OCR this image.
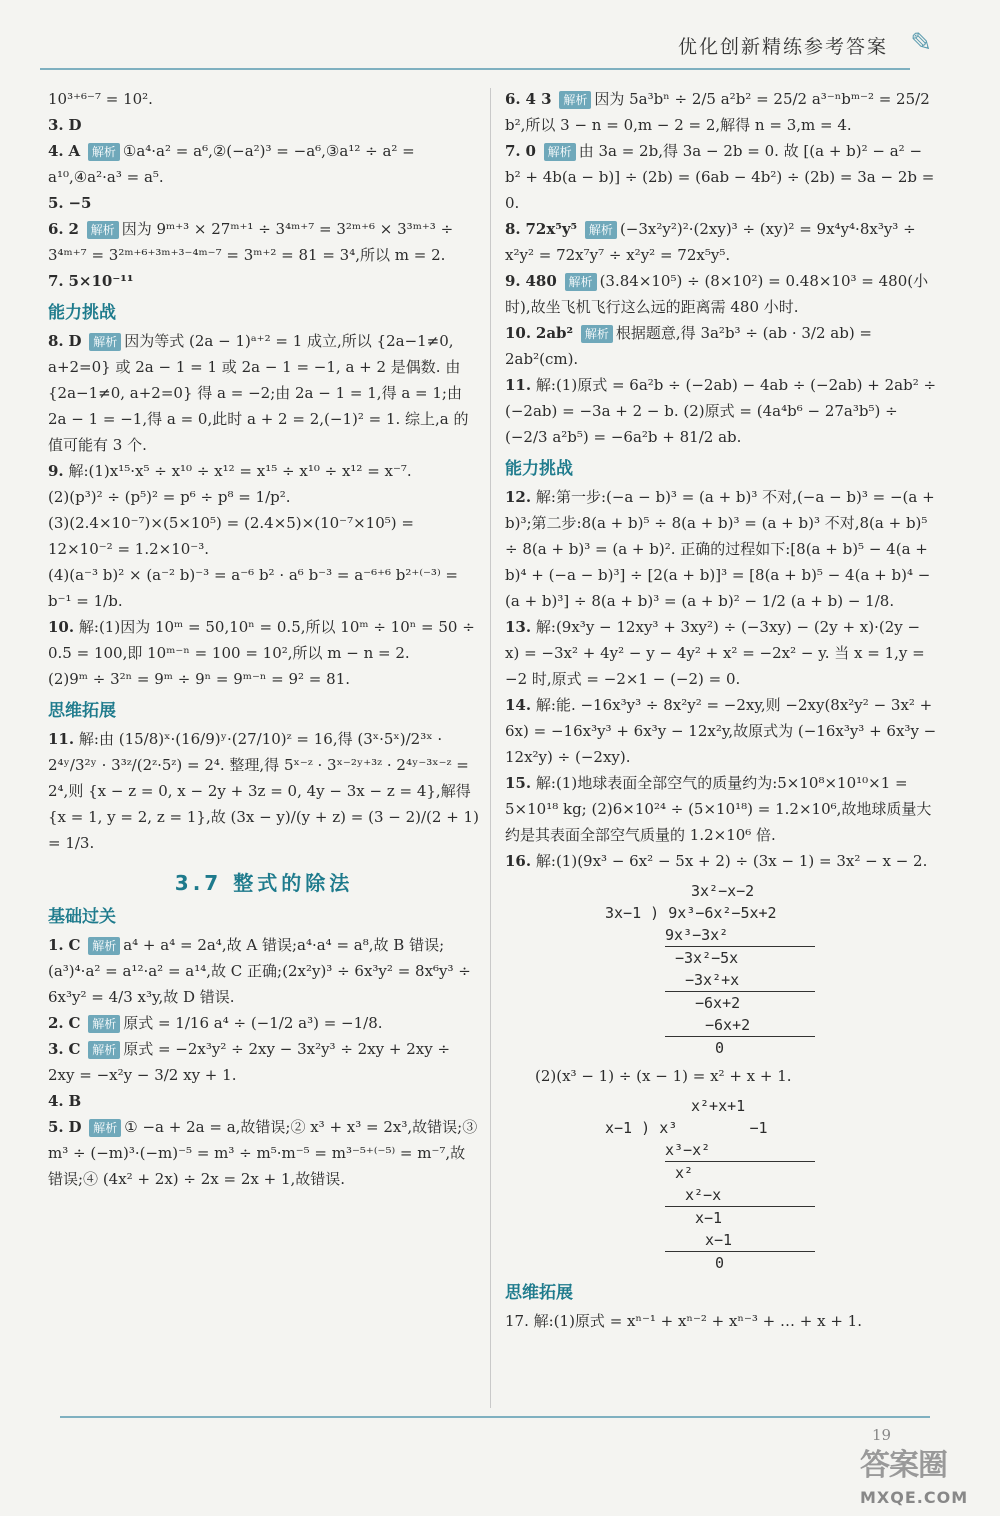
优化创新精练参考答案 ✎

10³⁺⁶⁻⁷ = 10².

3. D

4. A 解析 ①a⁴·a² = a⁶,②(−a²)³ = −a⁶,③a¹² ÷ a² = a¹⁰,④a²·a³ = a⁵.

5. −5

6. 2 解析 因为 9ᵐ⁺³ × 27ᵐ⁺¹ ÷ 3⁴ᵐ⁺⁷ = 3²ᵐ⁺⁶ × 3³ᵐ⁺³ ÷ 3⁴ᵐ⁺⁷ = 3²ᵐ⁺⁶⁺³ᵐ⁺³⁻⁴ᵐ⁻⁷ = 3ᵐ⁺² = 81 = 3⁴,所以 m = 2.

7. 5×10⁻¹¹

能力挑战

8. D 解析 因为等式 (2a − 1)ᵃ⁺² = 1 成立,所以 {2a−1≠0, a+2=0} 或 2a − 1 = 1 或 2a − 1 = −1, a + 2 是偶数. 由 {2a−1≠0, a+2=0} 得 a = −2;由 2a − 1 = 1,得 a = 1;由 2a − 1 = −1,得 a = 0,此时 a + 2 = 2,(−1)² = 1. 综上,a 的值可能有 3 个.

9. 解:(1)x¹⁵·x⁵ ÷ x¹⁰ ÷ x¹² = x¹⁵ ÷ x¹⁰ ÷ x¹² = x⁻⁷.

(2)(p³)² ÷ (p⁵)² = p⁶ ÷ p⁸ = 1/p².

(3)(2.4×10⁻⁷)×(5×10⁵) = (2.4×5)×(10⁻⁷×10⁵) = 12×10⁻² = 1.2×10⁻³.

(4)(a⁻³ b)² × (a⁻² b)⁻³ = a⁻⁶ b² · a⁶ b⁻³ = a⁻⁶⁺⁶ b²⁺⁽⁻³⁾ = b⁻¹ = 1/b.

10. 解:(1)因为 10ᵐ = 50,10ⁿ = 0.5,所以 10ᵐ ÷ 10ⁿ = 50 ÷ 0.5 = 100,即 10ᵐ⁻ⁿ = 100 = 10²,所以 m − n = 2.

(2)9ᵐ ÷ 3²ⁿ = 9ᵐ ÷ 9ⁿ = 9ᵐ⁻ⁿ = 9² = 81.

思维拓展

11. 解:由 (15/8)ˣ·(16/9)ʸ·(27/10)ᶻ = 16,得 (3ˣ·5ˣ)/2³ˣ · 2⁴ʸ/3²ʸ · 3³ᶻ/(2ᶻ·5ᶻ) = 2⁴. 整理,得 5ˣ⁻ᶻ · 3ˣ⁻²ʸ⁺³ᶻ · 2⁴ʸ⁻³ˣ⁻ᶻ = 2⁴,则 {x − z = 0, x − 2y + 3z = 0, 4y − 3x − z = 4},解得 {x = 1, y = 2, z = 1},故 (3x − y)/(y + z) = (3 − 2)/(2 + 1) = 1/3.

3.7 整式的除法
基础过关

1. C 解析 a⁴ + a⁴ = 2a⁴,故 A 错误;a⁴·a⁴ = a⁸,故 B 错误;(a³)⁴·a² = a¹²·a² = a¹⁴,故 C 正确;(2x²y)³ ÷ 6x³y² = 8x⁶y³ ÷ 6x³y² = 4/3 x³y,故 D 错误.

2. C 解析 原式 = 1/16 a⁴ ÷ (−1/2 a³) = −1/8.

3. C 解析 原式 = −2x³y² ÷ 2xy − 3x²y³ ÷ 2xy + 2xy ÷ 2xy = −x²y − 3/2 xy + 1.

4. B

5. D 解析 ① −a + 2a = a,故错误;② x³ + x³ = 2x³,故错误;③ m³ ÷ (−m)³·(−m)⁻⁵ = m³ ÷ m⁵·m⁻⁵ = m³⁻⁵⁺⁽⁻⁵⁾ = m⁻⁷,故错误;④ (4x² + 2x) ÷ 2x = 2x + 1,故错误.

6. 4 3 解析 因为 5a³bⁿ ÷ 2/5 a²b² = 25/2 a³⁻ⁿbᵐ⁻² = 25/2 b²,所以 3 − n = 0,m − 2 = 2,解得 n = 3,m = 4.

7. 0 解析 由 3a = 2b,得 3a − 2b = 0. 故 [(a + b)² − a² − b² + 4b(a − b)] ÷ (2b) = (6ab − 4b²) ÷ (2b) = 3a − 2b = 0.

8. 72x⁵y⁵ 解析 (−3x²y²)²·(2xy)³ ÷ (xy)² = 9x⁴y⁴·8x³y³ ÷ x²y² = 72x⁷y⁷ ÷ x²y² = 72x⁵y⁵.

9. 480 解析 (3.84×10⁵) ÷ (8×10²) = 0.48×10³ = 480(小时),故坐飞机飞行这么远的距离需 480 小时.

10. 2ab² 解析 根据题意,得 3a²b³ ÷ (ab · 3/2 ab) = 2ab²(cm).

11. 解:(1)原式 = 6a²b ÷ (−2ab) − 4ab ÷ (−2ab) + 2ab² ÷ (−2ab) = −3a + 2 − b. (2)原式 = (4a⁴b⁶ − 27a³b⁵) ÷ (−2/3 a²b⁵) = −6a²b + 81/2 ab.

能力挑战

12. 解:第一步:(−a − b)³ = (a + b)³ 不对,(−a − b)³ = −(a + b)³;第二步:8(a + b)⁵ ÷ 8(a + b)³ = (a + b)³ 不对,8(a + b)⁵ ÷ 8(a + b)³ = (a + b)². 正确的过程如下:[8(a + b)⁵ − 4(a + b)⁴ + (−a − b)³] ÷ [2(a + b)]³ = [8(a + b)⁵ − 4(a + b)⁴ − (a + b)³] ÷ 8(a + b)³ = (a + b)² − 1/2 (a + b) − 1/8.

13. 解:(9x³y − 12xy³ + 3xy²) ÷ (−3xy) − (2y + x)·(2y − x) = −3x² + 4y² − y − 4y² + x² = −2x² − y. 当 x = 1,y = −2 时,原式 = −2×1 − (−2) = 0.

14. 解:能. −16x³y³ ÷ 8x²y² = −2xy,则 −2xy(8x²y² − 3x² + 6x) = −16x³y³ + 6x³y − 12x²y,故原式为 (−16x³y³ + 6x³y − 12x²y) ÷ (−2xy).

15. 解:(1)地球表面全部空气的质量约为:5×10⁸×10¹⁰×1 = 5×10¹⁸ kg; (2)6×10²⁴ ÷ (5×10¹⁸) = 1.2×10⁶,故地球质量大约是其表面全部空气质量的 1.2×10⁶ 倍.

16. 解:(1)(9x³ − 6x² − 5x + 2) ÷ (3x − 1) = 3x² − x − 2.

3x²−x−2
3x−1 ) 9x³−6x²−5x+2
9x³−3x²
−3x²−5x
−3x²+x
−6x+2
−6x+2
0
(2)(x³ − 1) ÷ (x − 1) = x² + x + 1.
x²+x+1
x−1 ) x³        −1
x³−x²
x²
x²−x
x−1
x−1
0
思维拓展
17. 解:(1)原式 = xⁿ⁻¹ + xⁿ⁻² + xⁿ⁻³ + … + x + 1.
19
答案圈
MXQE.COM
